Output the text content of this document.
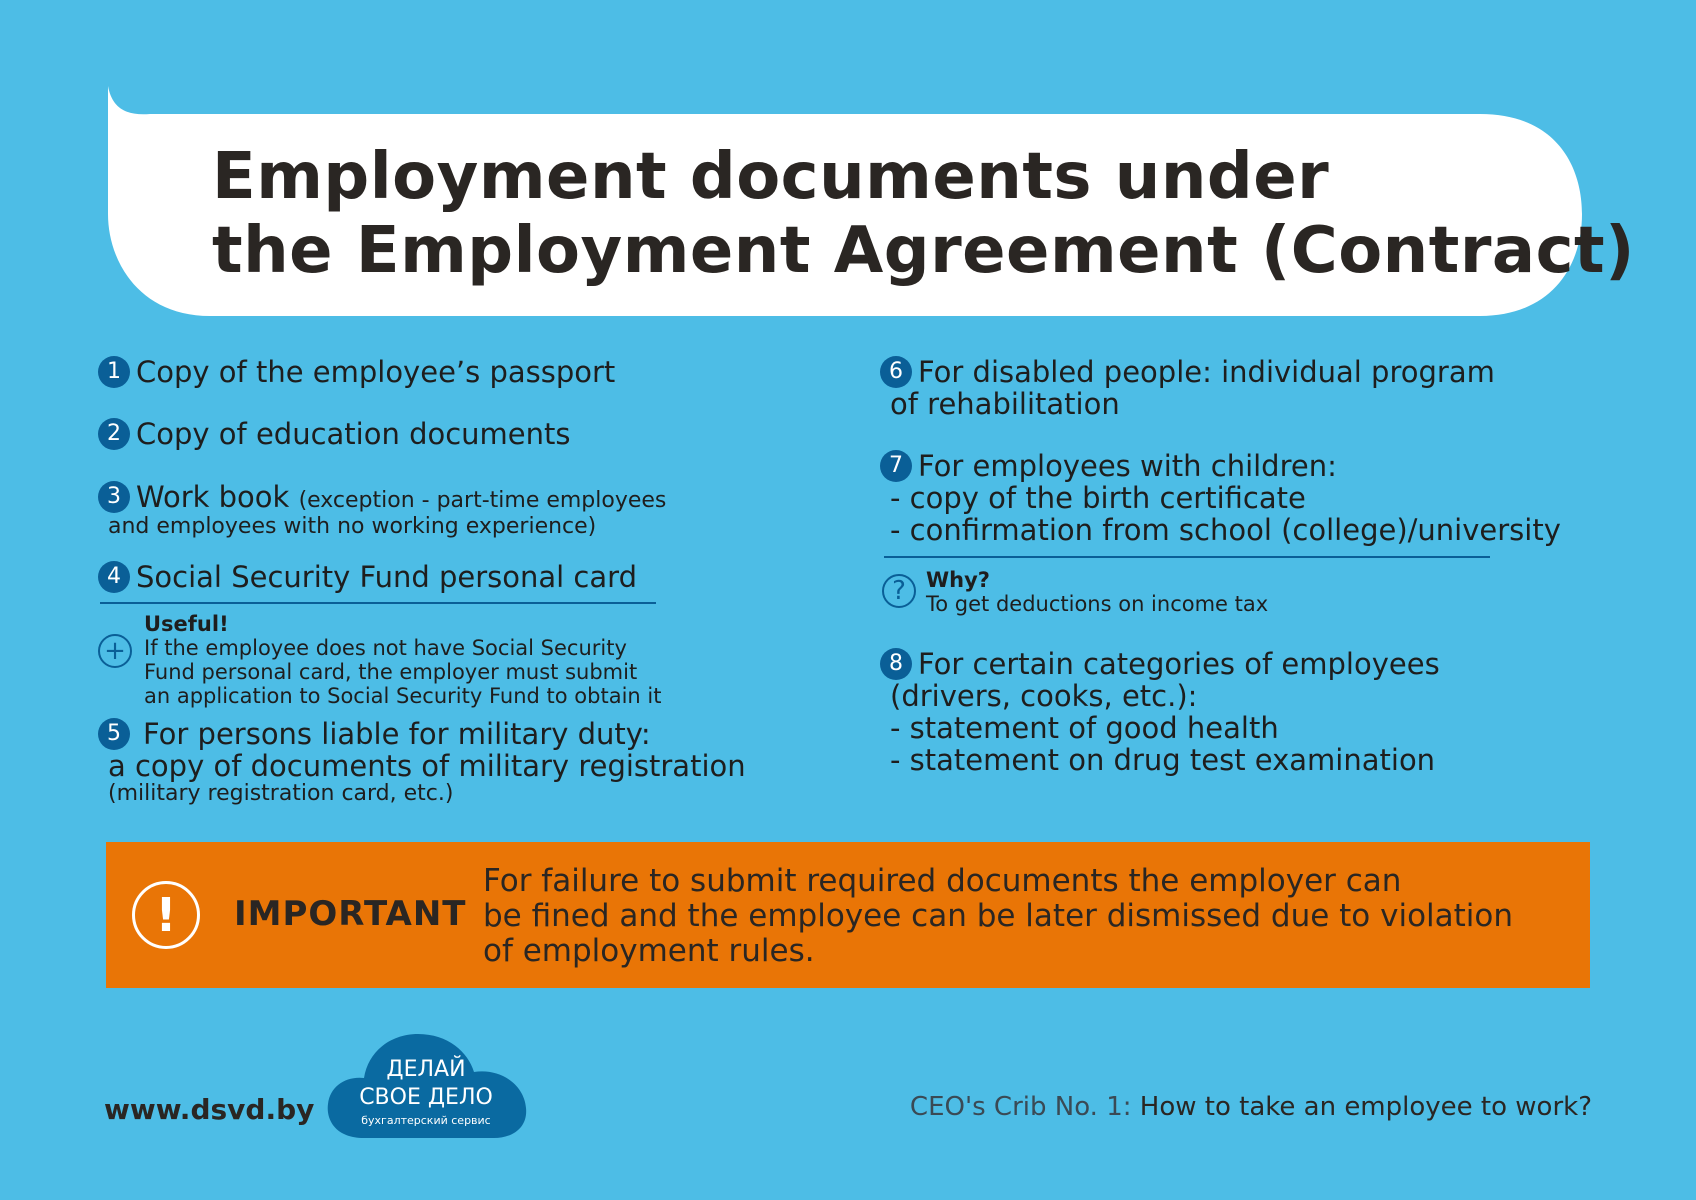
Employment documents under
the Employment Agreement (Contract)
1 Copy of the employee’s passport
2 Copy of education documents
3 Work book (exception - part-time employees
and employees with no working experience)
4 Social Security Fund personal card
+
Useful!
If the employee does not have Social Security
Fund personal card, the employer must submit
an application to Social Security Fund to obtain it
5 For persons liable for military duty:
a copy of documents of military registration
(military registration card, etc.)
6 For disabled people: individual program
of rehabilitation
7 For employees with children:
- copy of the birth certificate
- confirmation from school (college)/university
? Why?
To get deductions on income tax
8 For certain categories of employees
(drivers, cooks, etc.):
- statement of good health
- statement on drug test examination
!	IMPORTANT
For failure to submit required documents the employer can
be fined and the employee can be later dismissed due to violation
of employment rules.
www.dsvd.by
ДЕЛАЙ
СВОЕ ДЕЛО
бухгалтерский сервис	CEO's Crib No. 1: How to take an employee to work?
